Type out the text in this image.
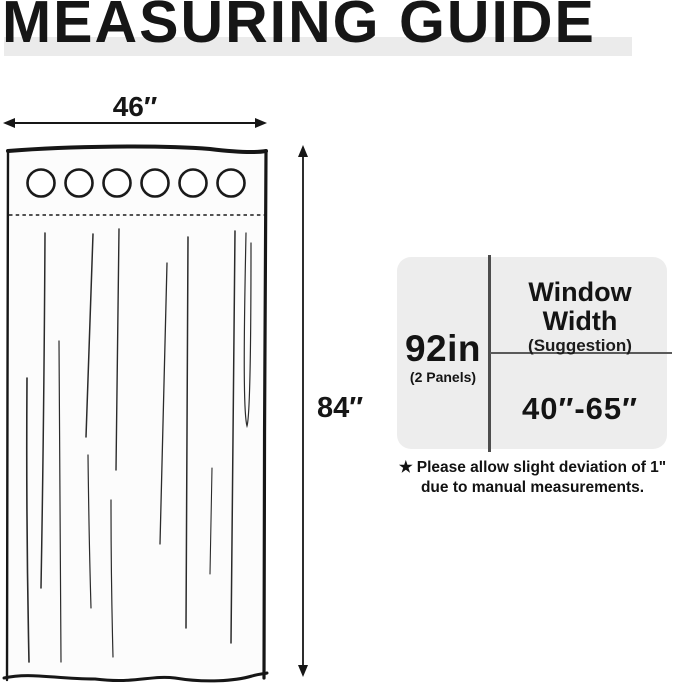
MEASURING GUIDE
46″
84″
92in
(2 Panels)
Window Width
(Suggestion)
40″-65″
★ Please allow slight deviation of 1"
due to manual measurements.
